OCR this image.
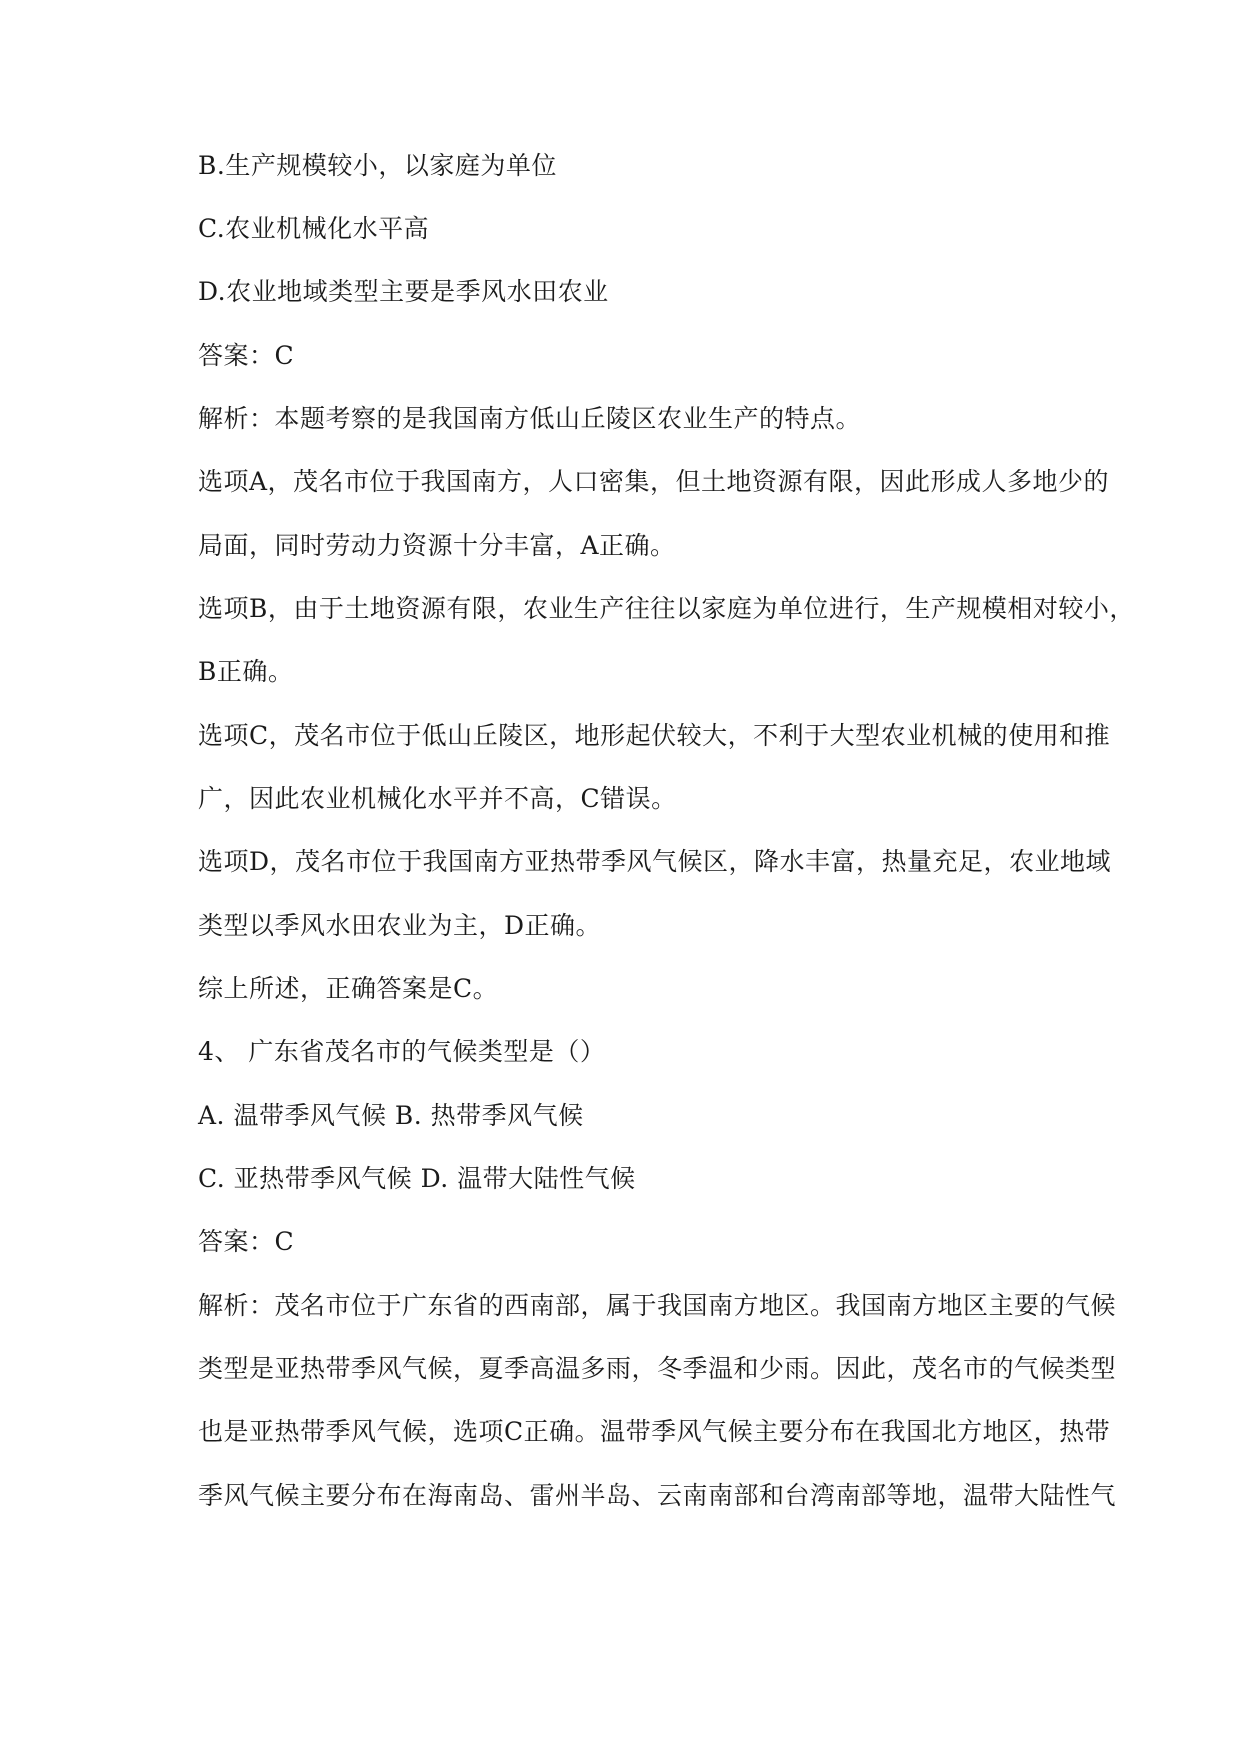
B.生产规模较小，以家庭为单位
C.农业机械化水平高
D.农业地域类型主要是季风水田农业
答案：C
解析：本题考察的是我国南方低山丘陵区农业生产的特点。
选项A，茂名市位于我国南方，人口密集，但土地资源有限，因此形成人多地少的
局面，同时劳动力资源十分丰富，A正确。
选项B，由于土地资源有限，农业生产往往以家庭为单位进行，生产规模相对较小，
B正确。
选项C，茂名市位于低山丘陵区，地形起伏较大，不利于大型农业机械的使用和推
广，因此农业机械化水平并不高，C错误。
选项D，茂名市位于我国南方亚热带季风气候区，降水丰富，热量充足，农业地域
类型以季风水田农业为主，D正确。
综上所述，正确答案是C。
4、 广东省茂名市的气候类型是（）
A. 温带季风气候 B. 热带季风气候
C. 亚热带季风气候 D. 温带大陆性气候
答案：C
解析：茂名市位于广东省的西南部，属于我国南方地区。我国南方地区主要的气候
类型是亚热带季风气候，夏季高温多雨，冬季温和少雨。因此，茂名市的气候类型
也是亚热带季风气候，选项C正确。温带季风气候主要分布在我国北方地区，热带
季风气候主要分布在海南岛、雷州半岛、云南南部和台湾南部等地，温带大陆性气
